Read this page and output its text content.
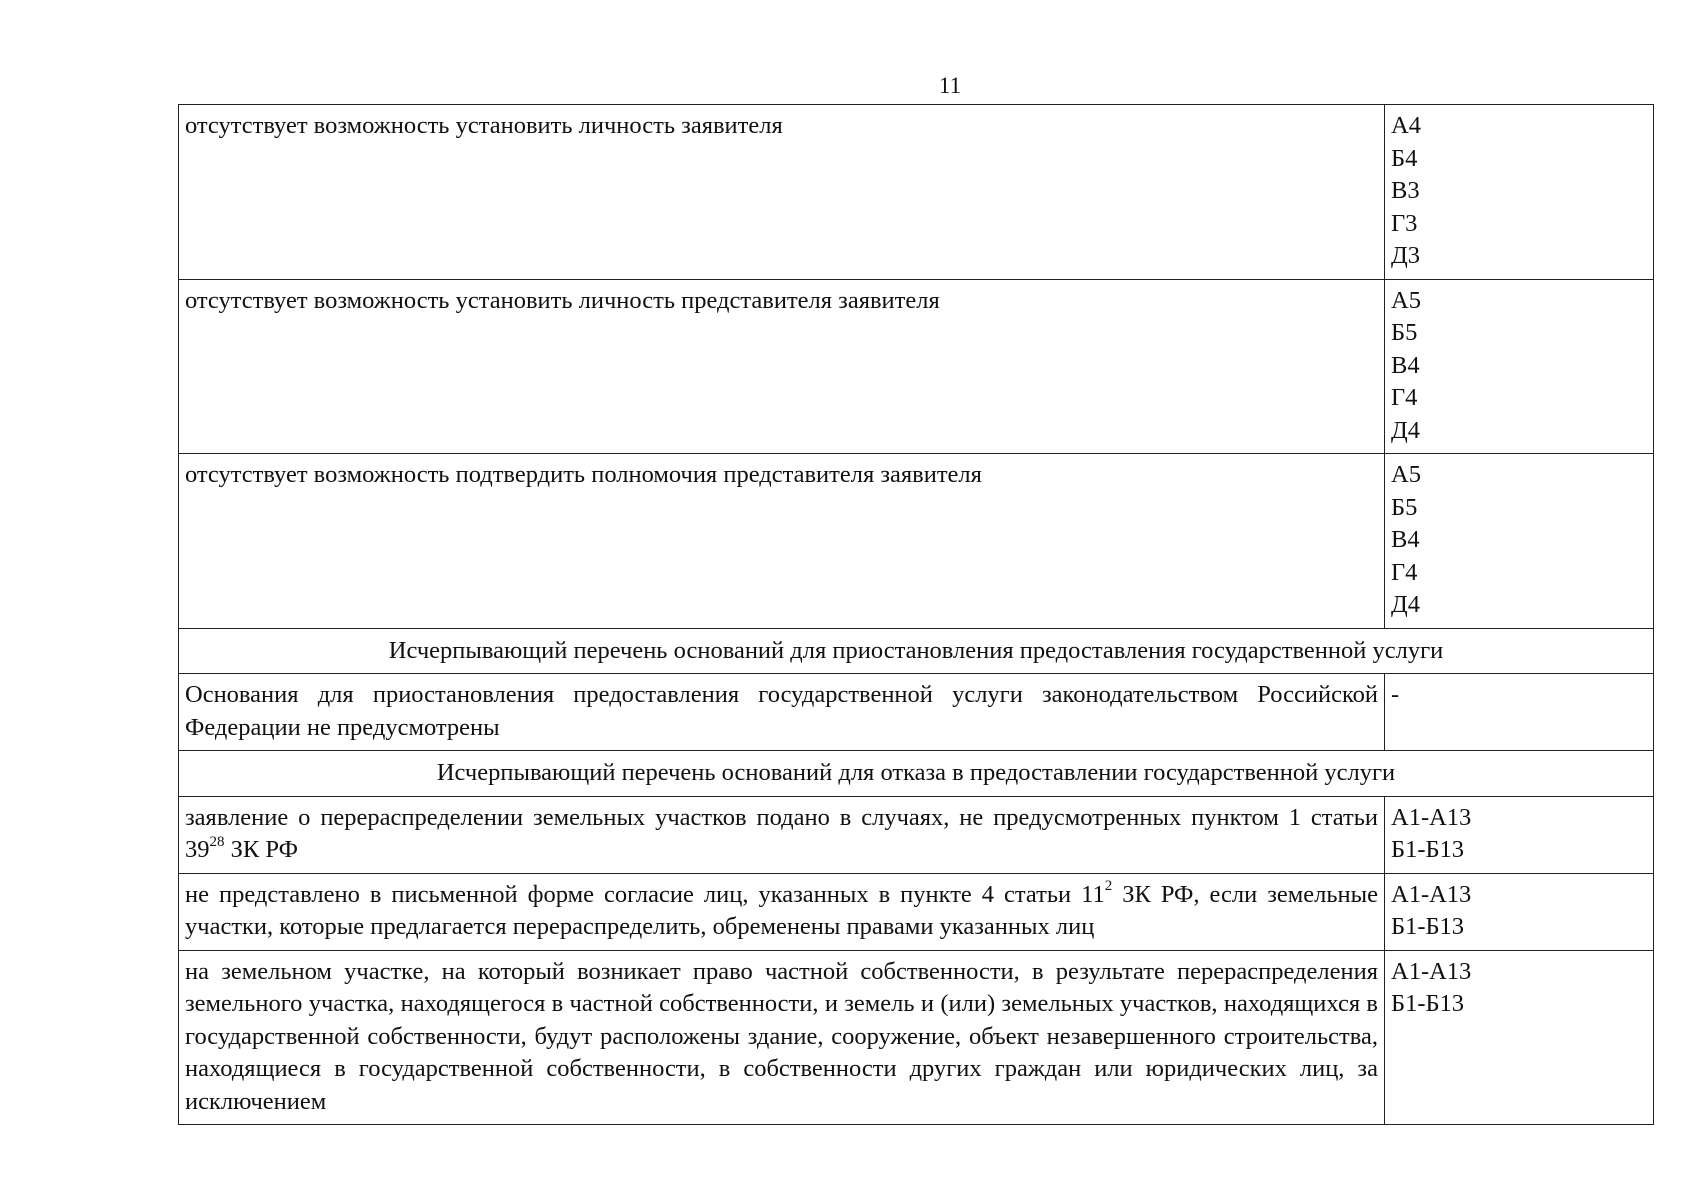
11
отсутствует возможность установить личность заявителя	А4
Б4
В3
Г3
Д3

отсутствует возможность установить личность представителя заявителя	А5
Б5
В4
Г4
Д4

отсутствует возможность подтвердить полномочия представителя заявителя	А5
Б5
В4
Г4
Д4

Исчерпывающий перечень оснований для приостановления предоставления государственной услуги	
Основания для приостановления предоставления государственной услуги законодательством Российской Федерации не предусмотрены	-

Исчерпывающий перечень оснований для отказа в предоставлении государственной услуги	
заявление о перераспределении земельных участков подано в случаях, не предусмотренных пунктом 1 статьи $39^{28}$ ЗК РФ	А1-А13
Б1-Б13

не представлено в письменной форме согласие лиц, указанных в пункте 4 статьи $11^2$ ЗК РФ, если земельные участки, которые предлагается перераспределить, обременены правами указанных лиц	А1-А13
Б1-Б13

на земельном участке, на который возникает право частной собственности, в результате перераспределения земельного участка, находящегося в частной собственности, и земель и (или) земельных участков, находящихся в государственной собственности, будут расположены здание, сооружение, объект незавершенного строительства, находящиеся в государственной собственности, в собственности других граждан или юридических лиц, за исключением	А1-А13
Б1-Б13
